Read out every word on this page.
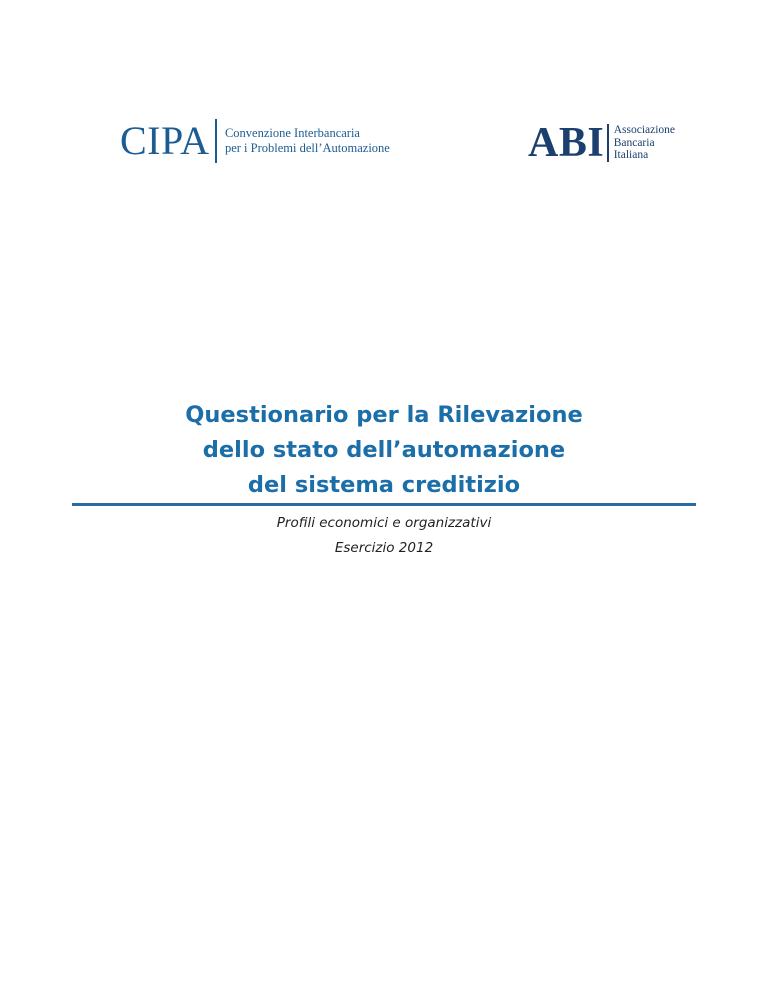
CIPA Convenzione Interbancaria
per i Problemi dell’Automazione	ABI Associazione
Bancaria
Italiana
Questionario per la Rilevazione
dello stato dell’automazione
del sistema creditizio
Profili economici e organizzativi
Esercizio 2012
